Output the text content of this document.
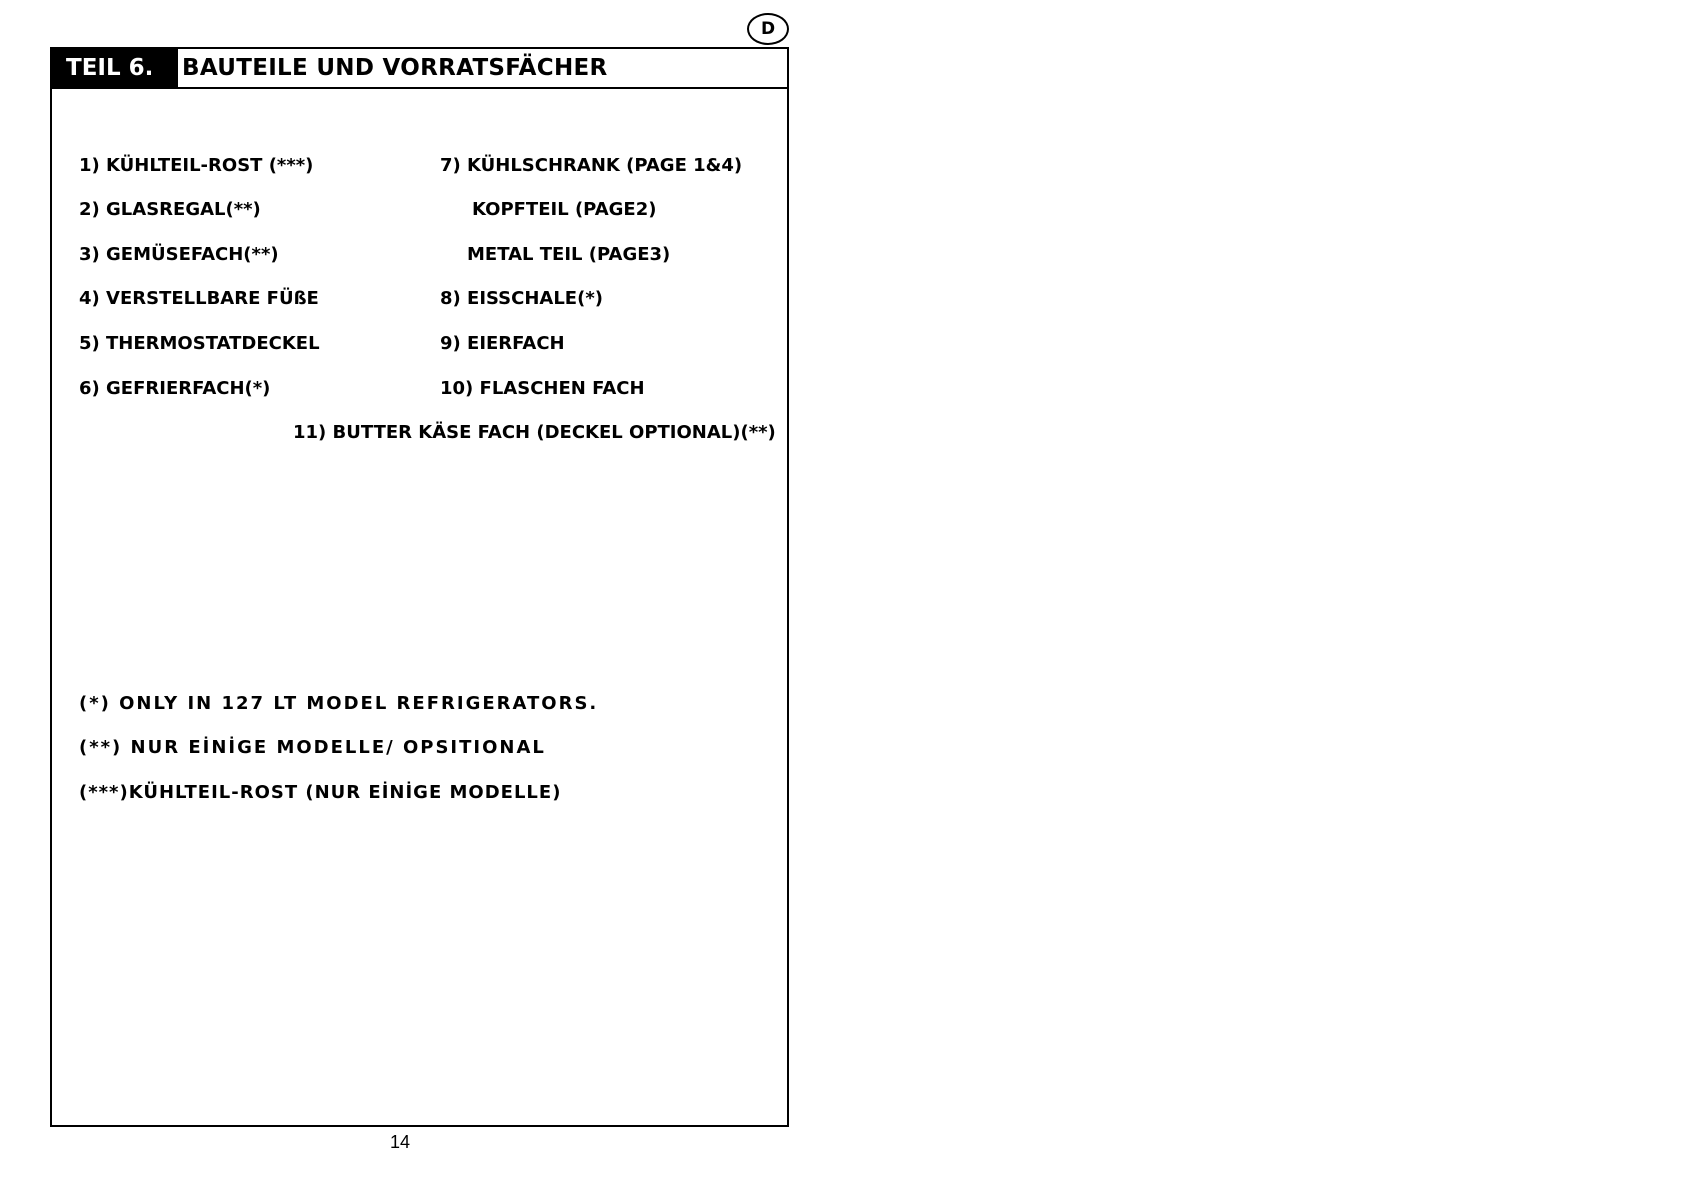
D
TEIL 6.	BAUTEILE UND VORRATSFÄCHER
1) KÜHLTEIL-ROST (***)
2) GLASREGAL(**)
3) GEMÜSEFACH(**)
4) VERSTELLBARE FÜßE
5) THERMOSTATDECKEL
6) GEFRIERFACH(*)
7) KÜHLSCHRANK (PAGE 1&4)
KOPFTEIL (PAGE2)
METAL TEIL (PAGE3)
8) EISSCHALE(*)
9) EIERFACH
10) FLASCHEN FACH
11) BUTTER KÄSE FACH (DECKEL OPTIONAL)(**)
(*) ONLY IN 127 LT MODEL REFRIGERATORS.
(**) NUR EİNİGE MODELLE/ OPSITIONAL
(***)KÜHLTEIL-ROST (NUR EİNİGE MODELLE)
14
